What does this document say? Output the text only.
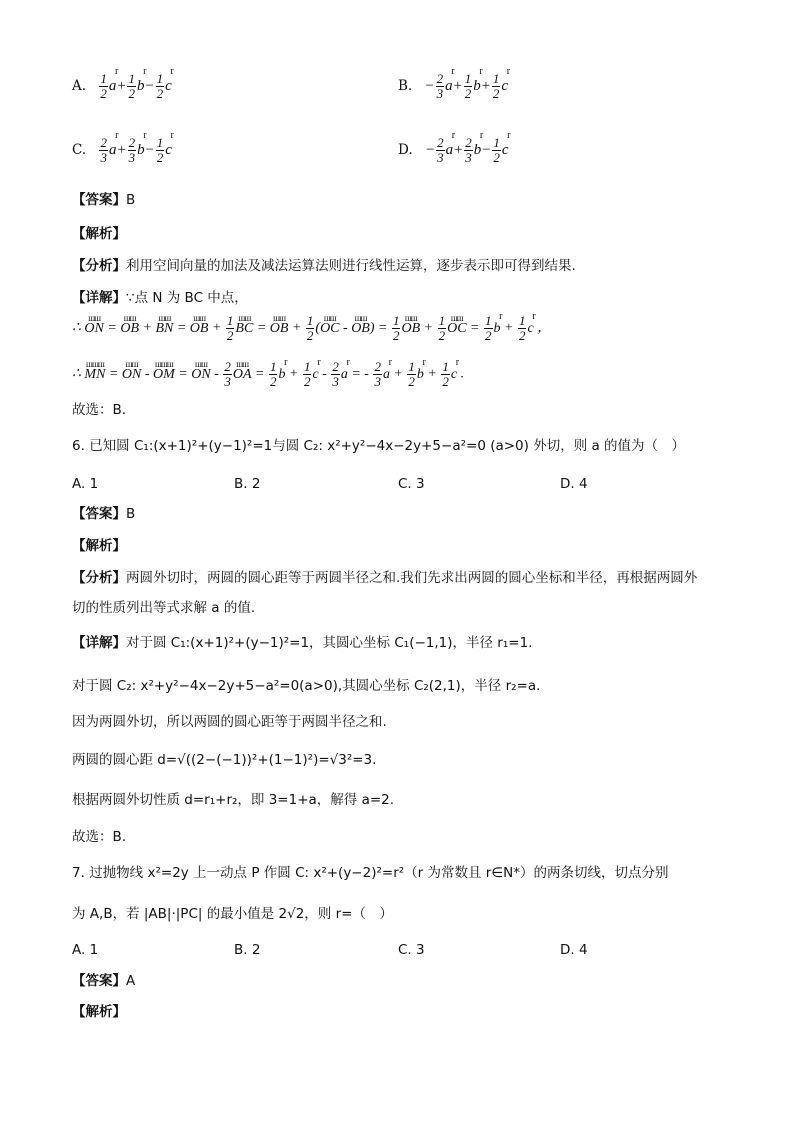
A. $\frac{1}{2}$ a
r
+ $\frac{1}{2}$ b
r
− $\frac{1}{2}$ c
r
B. − $\frac{2}{3}$ a
r
+ $\frac{1}{2}$ b
r
+ $\frac{1}{2}$ c
r
C. $\frac{2}{3}$ a
r
+ $\frac{2}{3}$ b
r
− $\frac{1}{2}$ c
r
D. − $\frac{2}{3}$ a
r
+ $\frac{2}{3}$ b
r
− $\frac{1}{2}$ c
r
【答案】B
【解析】
【分析】利用空间向量的加法及减法运算法则进行线性运算，逐步表示即可得到结果.
【详解】∵点 N 为 BC 中点，
∴ ON
шш
= OB
шш
+ BN
шш
= OB
шш
+ $\frac{1}{2}$ BC
шш
= OB
шш
+ $\frac{1}{2} (OC$
шш
- OB
шш
) = $\frac{1}{2}$ OB
шш
+ $\frac{1}{2}$ OC
шш
= $\frac{1}{2}$ b
r
+ $\frac{1}{2}$ c
r
，
∴ MN
шшш
= ON
шш
- OM
шшш
= ON
шш
- $\frac{2}{3}$ OA
шш
= $\frac{1}{2}$ b
r
+ $\frac{1}{2}$ c
r
- $\frac{2}{3}$ a
r
= - $\frac{2}{3}$ a
r
+ $\frac{1}{2}$ b
r
+ $\frac{1}{2}$ c
r
.
故选：B.
6. 已知圆 C₁:(x+1)²+(y−1)²=1与圆 C₂: x²+y²−4x−2y+5−a²=0 (a>0) 外切，则 a 的值为（　）
A. 1	B. 2	C. 3	D. 4
【答案】B
【解析】
【分析】两圆外切时，两圆的圆心距等于两圆半径之和.我们先求出两圆的圆心坐标和半径，再根据两圆外
切的性质列出等式求解 a 的值.
【详解】对于圆 C₁:(x+1)²+(y−1)²=1，其圆心坐标 C₁(−1,1)，半径 r₁=1.
对于圆 C₂: x²+y²−4x−2y+5−a²=0(a>0),其圆心坐标 C₂(2,1)，半径 r₂=a.
因为两圆外切，所以两圆的圆心距等于两圆半径之和.
两圆的圆心距 d=√((2−(−1))²+(1−1)²)=√3²=3.
根据两圆外切性质 d=r₁+r₂，即 3=1+a，解得 a=2.
故选：B.
7. 过抛物线 x²=2y 上一动点 P 作圆 C: x²+(y−2)²=r²（r 为常数且 r∈N*）的两条切线，切点分别
为 A,B，若 |AB|·|PC| 的最小值是 2√2，则 r=（　）
A. 1	B. 2	C. 3	D. 4
【答案】A
【解析】
